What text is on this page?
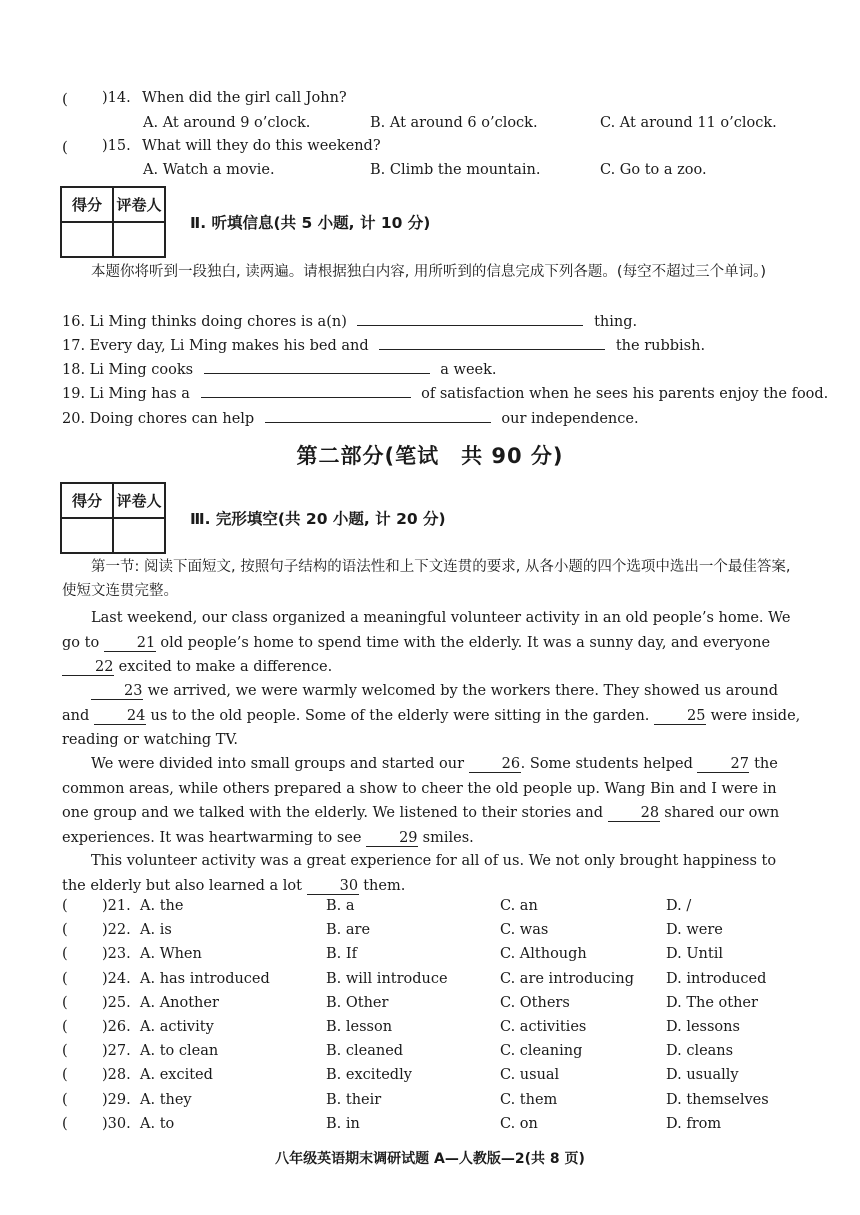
( )14. When did the girl call John?
A. At around 9 o’clock.	B. At around 6 o’clock.	C. At around 11 o’clock.
( )15. What will they do this weekend?
A. Watch a movie.	B. Climb the mountain.	C. Go to a zoo.
得分	评卷人

Ⅱ. 听填信息(共 5 小题, 计 10 分)
本题你将听到一段独白, 读两遍。请根据独白内容, 用所听到的信息完成下列各题。(每空不超过三个单词。)
16. Li Ming thinks doing chores is a(n)	thing.
17. Every day, Li Ming makes his bed and	the rubbish.
18. Li Ming cooks	a week.
19. Li Ming has a	of satisfaction when he sees his parents enjoy the food.
20. Doing chores can help	our independence.
第二部分(笔试　共 90 分)
得分	评卷人

Ⅲ. 完形填空(共 20 小题, 计 20 分)
第一节: 阅读下面短文, 按照句子结构的语法性和上下文连贯的要求, 从各小题的四个选项中选出一个最佳答案, 使短文连贯完整。
Last weekend, our class organized a meaningful volunteer activity in an old people’s home. We go to	21 old people’s home to spend time with the elderly. It was a sunny day, and everyone 22 excited to make a difference.
23 we arrived, we were warmly welcomed by the workers there. They showed us around and	24 us to the old people. Some of the elderly were sitting in the garden.	25 were inside, reading or watching TV.
We were divided into small groups and started our	26. Some students helped	27 the common areas, while others prepared a show to cheer the old people up. Wang Bin and I were in one group and we talked with the elderly. We listened to their stories and	28 shared our own experiences. It was heartwarming to see	29 smiles.
This volunteer activity was a great experience for all of us. We not only brought happiness to the elderly but also learned a lot	30 them.
( )21. A. the	B. a	C. an	D. /
( )22. A. is	B. are	C. was	D. were
( )23. A. When	B. If	C. Although	D. Until
( )24. A. has introduced	B. will introduce	C. are introducing D. introduced
( )25. A. Another	B. Other	C. Others	D. The other
( )26. A. activity	B. lesson	C. activities	D. lessons
( )27. A. to clean	B. cleaned	C. cleaning	D. cleans
( )28. A. excited	B. excitedly	C. usual	D. usually
( )29. A. they	B. their	C. them	D. themselves
( )30. A. to	B. in	C. on	D. from
八年级英语期末调研试题 A—人教版—2(共 8 页)
